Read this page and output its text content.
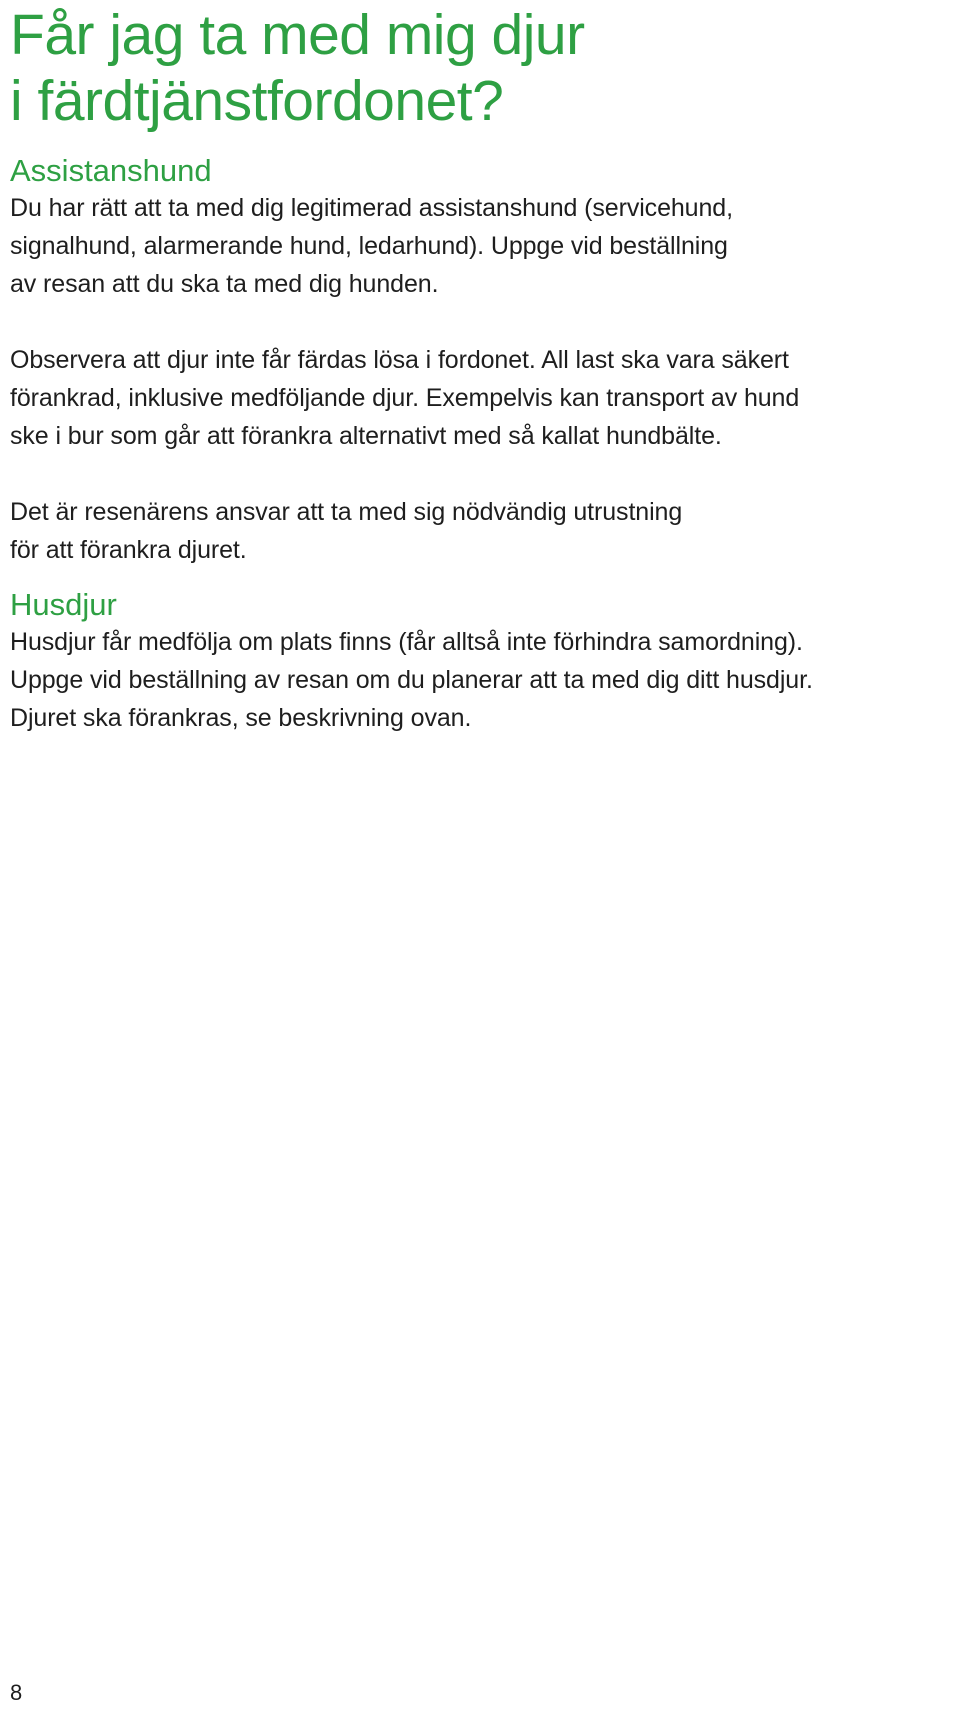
Får jag ta med mig djur
i färdtjänstfordonet?
Assistanshund

Du har rätt att ta med dig legitimerad assistanshund (servicehund,
signalhund, alarmerande hund, ledarhund). Uppge vid beställning
av resan att du ska ta med dig hunden.

Observera att djur inte får färdas lösa i fordonet. All last ska vara säkert
förankrad, inklusive medföljande djur. Exempelvis kan transport av hund
ske i bur som går att förankra alternativt med så kallat hundbälte.

Det är resenärens ansvar att ta med sig nödvändig utrustning
för att förankra djuret.

Husdjur

Husdjur får medfölja om plats finns (får alltså inte förhindra samordning).
Uppge vid beställning av resan om du planerar att ta med dig ditt husdjur.
Djuret ska förankras, se beskrivning ovan.

8
